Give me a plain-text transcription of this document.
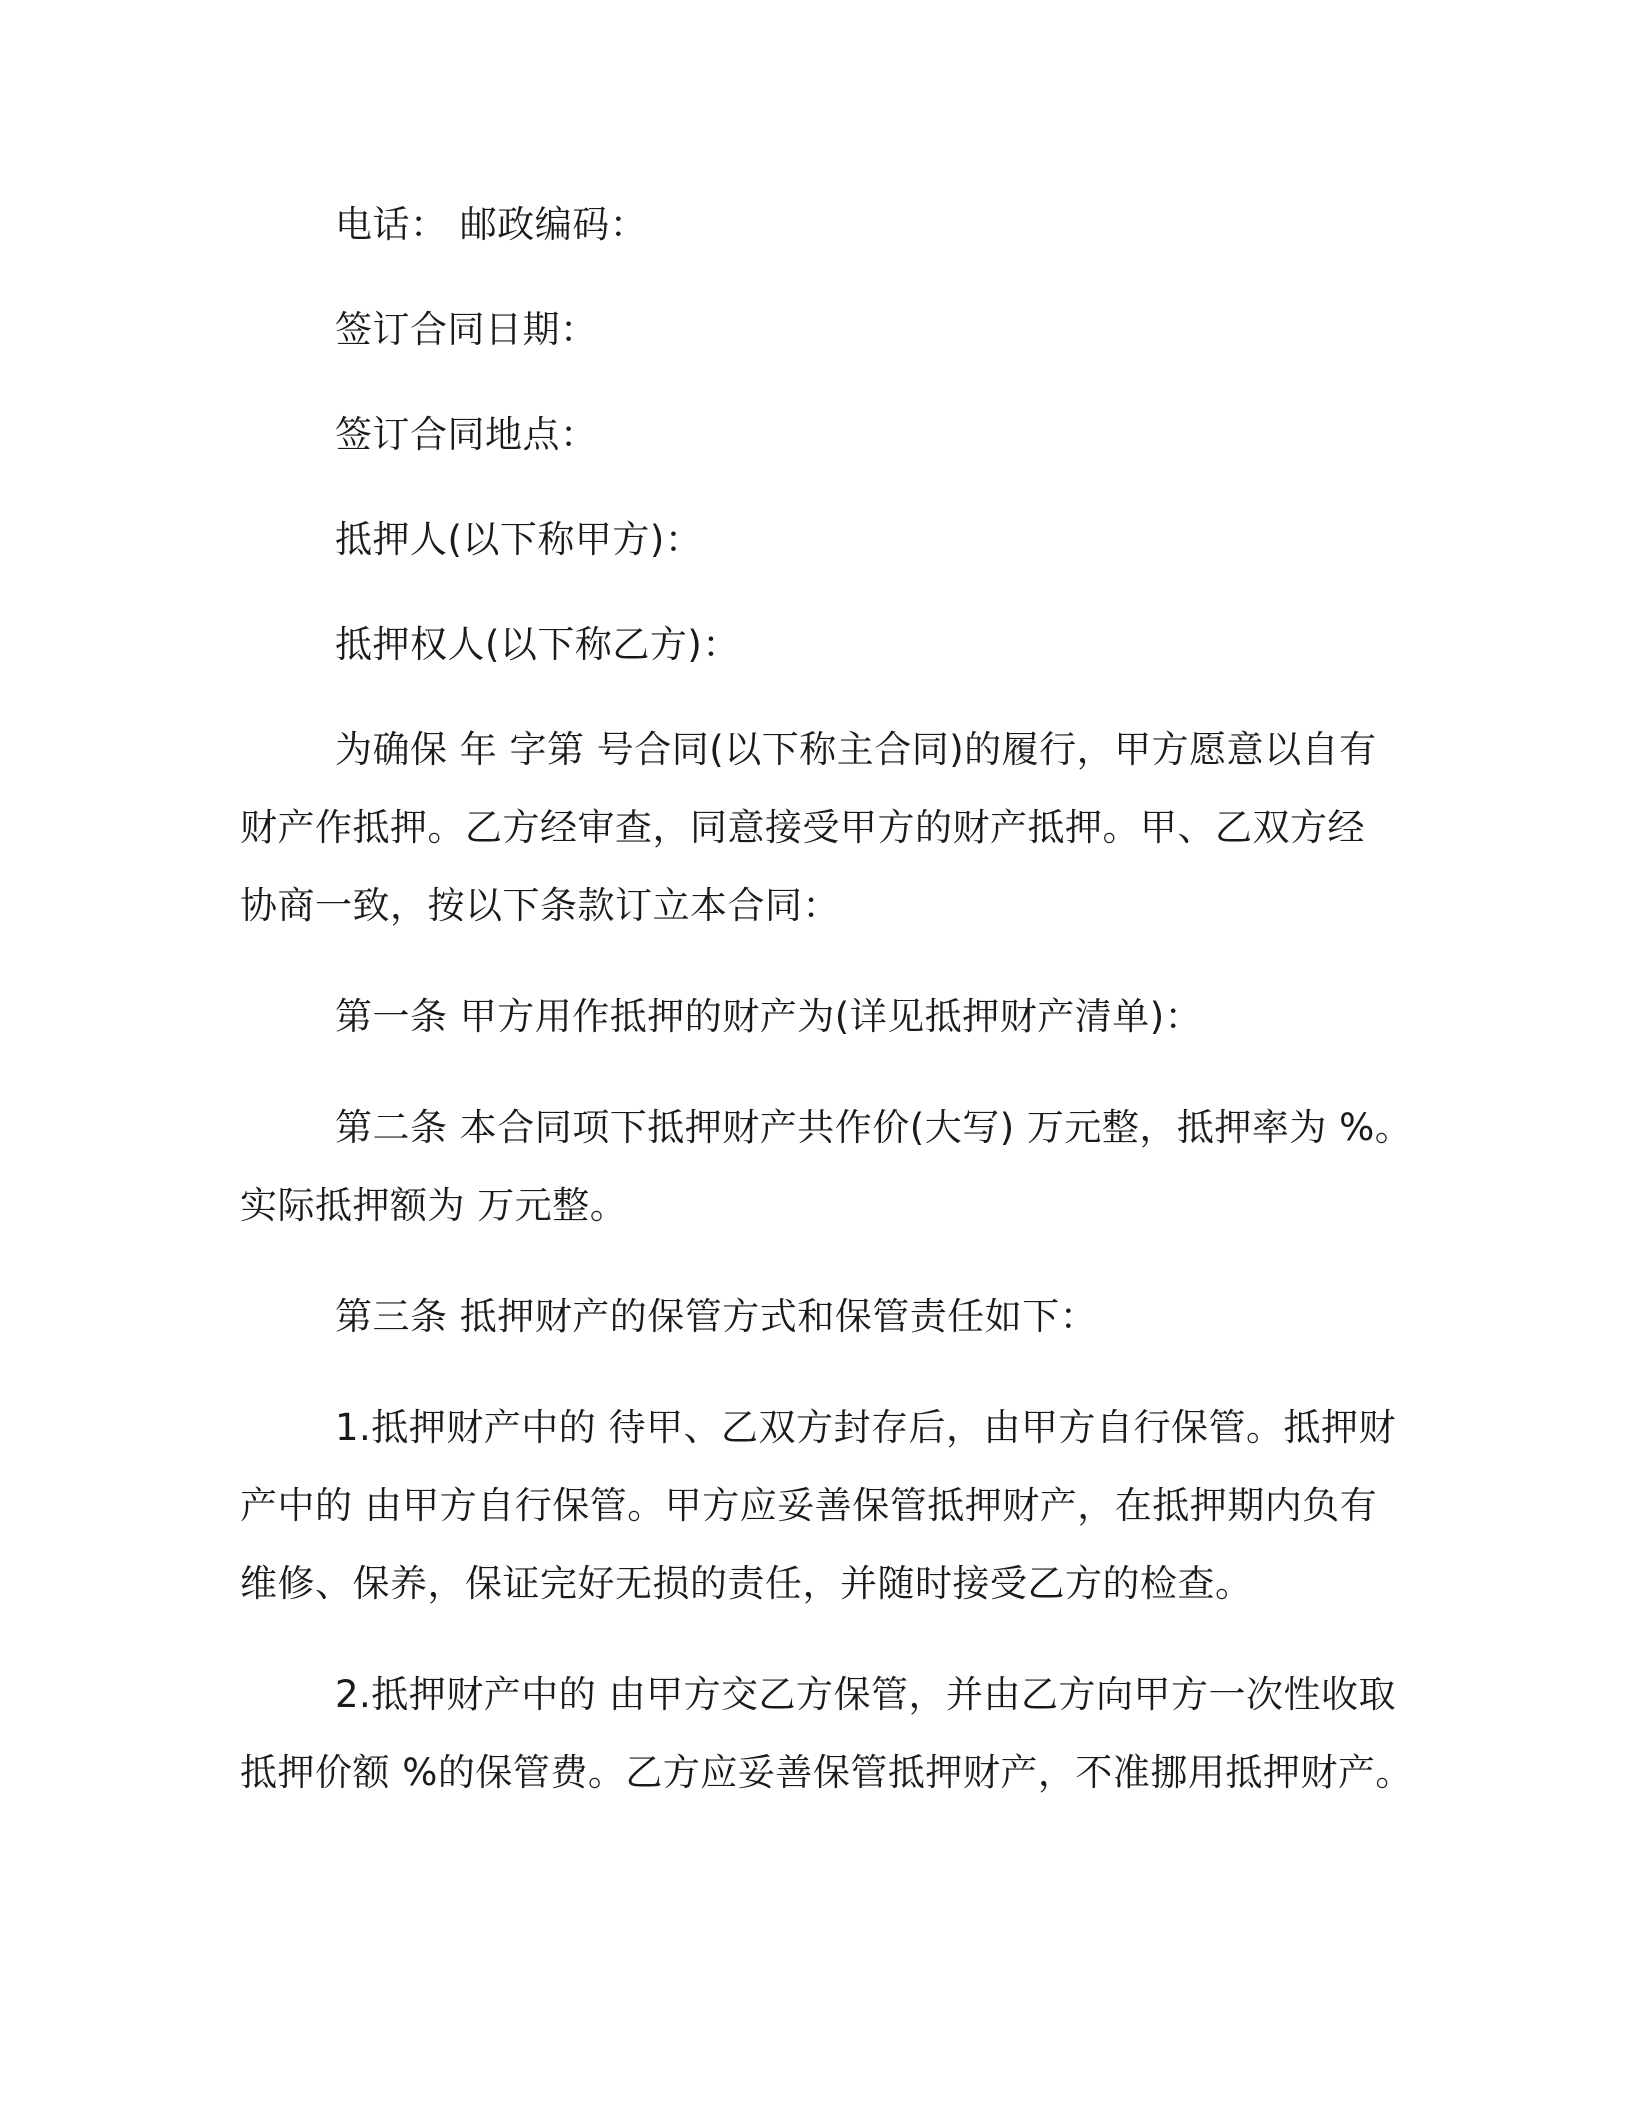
电话： 邮政编码：

签订合同日期：

签订合同地点：

抵押人(以下称甲方)：

抵押权人(以下称乙方)：

为确保 年 字第 号合同(以下称主合同)的履行，甲方愿意以自有
财产作抵押。乙方经审查，同意接受甲方的财产抵押。甲、乙双方经
协商一致，按以下条款订立本合同：

第一条 甲方用作抵押的财产为(详见抵押财产清单)：

第二条 本合同项下抵押财产共作价(大写) 万元整，抵押率为 %。
实际抵押额为 万元整。

第三条 抵押财产的保管方式和保管责任如下：

1.抵押财产中的 待甲、乙双方封存后，由甲方自行保管。抵押财
产中的 由甲方自行保管。甲方应妥善保管抵押财产，在抵押期内负有
维修、保养，保证完好无损的责任，并随时接受乙方的检查。

2.抵押财产中的 由甲方交乙方保管，并由乙方向甲方一次性收取
抵押价额 %的保管费。乙方应妥善保管抵押财产，不准挪用抵押财产。
